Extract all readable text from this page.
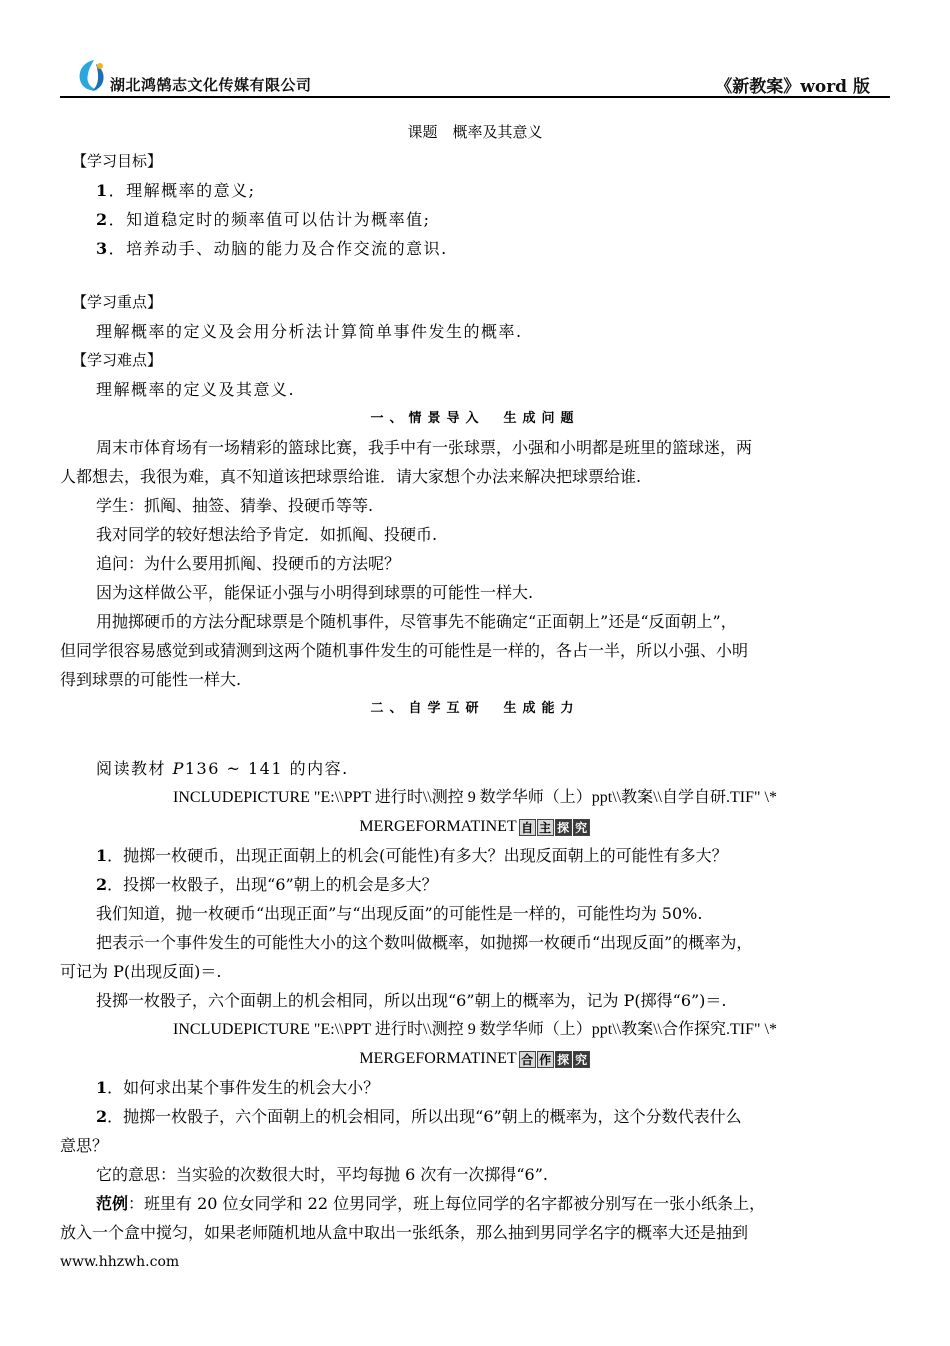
湖北鸿鹄志文化传媒有限公司	《新教案》word 版
课题　概率及其意义
【学习目标】
1．理解概率的意义;
2．知道稳定时的频率值可以估计为概率值;
3．培养动手、动脑的能力及合作交流的意识.
【学习重点】
理解概率的定义及会用分析法计算简单事件发生的概率.
【学习难点】
理解概率的定义及其意义.
一、情景导入　生成问题
周末市体育场有一场精彩的篮球比赛，我手中有一张球票，小强和小明都是班里的篮球迷，两
人都想去，我很为难，真不知道该把球票给谁．请大家想个办法来解决把球票给谁.
学生：抓阄、抽签、猜拳、投硬币等等.
我对同学的较好想法给予肯定．如抓阄、投硬币.
追问：为什么要用抓阄、投硬币的方法呢？
因为这样做公平，能保证小强与小明得到球票的可能性一样大.
用抛掷硬币的方法分配球票是个随机事件，尽管事先不能确定“正面朝上”还是“反面朝上”，
但同学很容易感觉到或猜测到这两个随机事件发生的可能性是一样的，各占一半，所以小强、小明
得到球票的可能性一样大.
二、自学互研　生成能力
阅读教材 P136 ~ 141 的内容.
INCLUDEPICTURE "E:\\PPT 进行时\\测控 9 数学华师（上）ppt\\教案\\自学自研.TIF" \*
MERGEFORMATINET 自 主 探 究
1．抛掷一枚硬币，出现正面朝上的机会(可能性)有多大？出现反面朝上的可能性有多大？
2．投掷一枚骰子，出现“6”朝上的机会是多大？
我们知道，抛一枚硬币“出现正面”与“出现反面”的可能性是一样的，可能性均为 50%.
把表示一个事件发生的可能性大小的这个数叫做概率，如抛掷一枚硬币“出现反面”的概率为，
可记为 P(出现反面)＝.
投掷一枚骰子，六个面朝上的机会相同，所以出现“6”朝上的概率为，记为 P(掷得“6”)＝.
INCLUDEPICTURE "E:\\PPT 进行时\\测控 9 数学华师（上）ppt\\教案\\合作探究.TIF" \*
MERGEFORMATINET 合 作 探 究
1．如何求出某个事件发生的机会大小？
2．抛掷一枚骰子，六个面朝上的机会相同，所以出现“6”朝上的概率为，这个分数代表什么
意思？
它的意思：当实验的次数很大时，平均每抛 6 次有一次掷得“6”.
范例：班里有 20 位女同学和 22 位男同学，班上每位同学的名字都被分别写在一张小纸条上，
放入一个盒中搅匀，如果老师随机地从盒中取出一张纸条，那么抽到男同学名字的概率大还是抽到
www.hhzwh.com
